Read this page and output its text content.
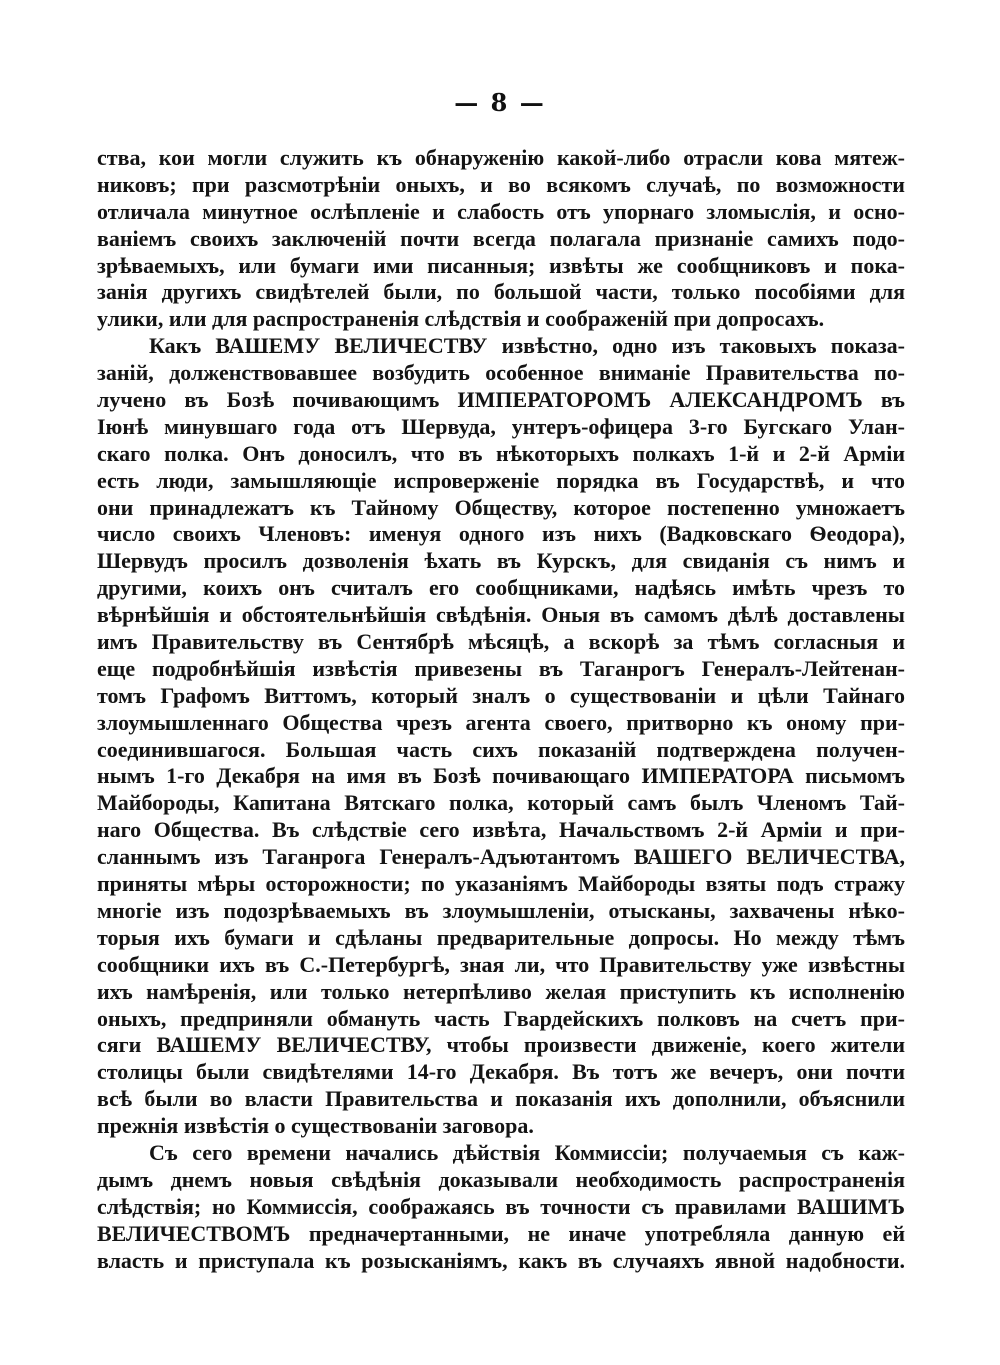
— 8 —
ства, кои могли служить къ обнаруженію какой-либо отрасли кова мятеж-
никовъ; при разсмотрѣніи оныхъ, и во всякомъ случаѣ, по возможности
отличала минутное ослѣпленіе и слабость отъ упорнаго зломыслія, и осно-
ваніемъ своихъ заключеній почти всегда полагала признаніе самихъ подо-
зрѣваемыхъ, или бумаги ими писанныя; извѣты же сообщниковъ и пока-
занія другихъ свидѣтелей были, по большой части, только пособіями для
улики, или для распространенія слѣдствія и соображеній при допросахъ.
Какъ ВАШЕМУ ВЕЛИЧЕСТВУ извѣстно, одно изъ таковыхъ показа-
заній, долженствовавшее возбудить особенное вниманіе Правительства по-
лучено въ Бозѣ почивающимъ ИМПЕРАТОРОМЪ АЛЕКСАНДРОМЪ въ
Іюнѣ минувшаго года отъ Шервуда, унтеръ-офицера 3-го Бугскаго Улан-
скаго полка. Онъ доносилъ, что въ нѣкоторыхъ полкахъ 1-й и 2-й Арміи
есть люди, замышляющіе испроверженіе порядка въ Государствѣ, и что
они принадлежатъ къ Тайному Обществу, которое постепенно умножаетъ
число своихъ Членовъ: именуя одного изъ нихъ (Вадковскаго Ѳеодора),
Шервудъ просилъ дозволенія ѣхать въ Курскъ, для свиданія съ нимъ и
другими, коихъ онъ считалъ его сообщниками, надѣясь имѣть чрезъ то
вѣрнѣйшія и обстоятельнѣйшія свѣдѣнія. Оныя въ самомъ дѣлѣ доставлены
имъ Правительству въ Сентябрѣ мѣсяцѣ, а вскорѣ за тѣмъ согласныя и
еще подробнѣйшія извѣстія привезены въ Таганрогъ Генералъ-Лейтенан-
томъ Графомъ Виттомъ, который зналъ о существованіи и цѣли Тайнаго
злоумышленнаго Общества чрезъ агента своего, притворно къ оному при-
соединившагося. Большая часть сихъ показаній подтверждена получен-
нымъ 1-го Декабря на имя въ Бозѣ почивающаго ИМПЕРАТОРА письмомъ
Майбороды, Капитана Вятскаго полка, который самъ былъ Членомъ Тай-
наго Общества. Въ слѣдствіе сего извѣта, Начальствомъ 2-й Арміи и при-
сланнымъ изъ Таганрога Генералъ-Адъютантомъ ВАШЕГО ВЕЛИЧЕСТВА,
приняты мѣры осторожности; по указаніямъ Майбороды взяты подъ стражу
многіе изъ подозрѣваемыхъ въ злоумышленіи, отысканы, захвачены нѣко-
торыя ихъ бумаги и сдѣланы предварительные допросы. Но между тѣмъ
сообщники ихъ въ С.-Петербургѣ, зная ли, что Правительству уже извѣстны
ихъ намѣренія, или только нетерпѣливо желая приступить къ исполненію
оныхъ, предприняли обмануть часть Гвардейскихъ полковъ на счетъ при-
сяги ВАШЕМУ ВЕЛИЧЕСТВУ, чтобы произвести движеніе, коего жители
столицы были свидѣтелями 14-го Декабря. Въ тотъ же вечеръ, они почти
всѣ были во власти Правительства и показанія ихъ дополнили, объяснили
прежнія извѣстія о существованіи заговора.
Съ сего времени начались дѣйствія Коммиссіи; получаемыя съ каж-
дымъ днемъ новыя свѣдѣнія доказывали необходимость распространенія
слѣдствія; но Коммиссія, соображаясь въ точности съ правилами ВАШИМЪ
ВЕЛИЧЕСТВОМЪ предначертанными, не иначе употребляла данную ей
власть и приступала къ розысканіямъ, какъ въ случаяхъ явной надобности.
